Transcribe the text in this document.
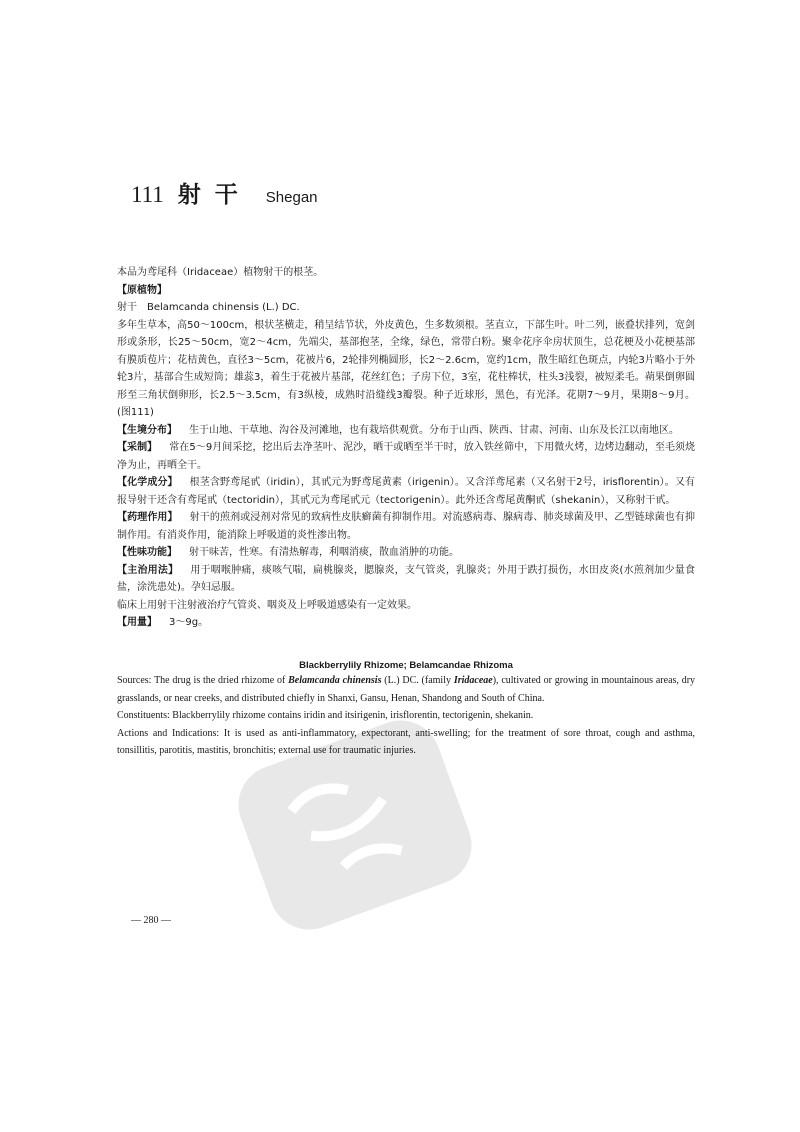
111 射干 Shegan

本品为鸢尾科（Iridaceae）植物射干的根茎。

【原植物】

射干　Belamcanda chinensis (L.) DC.

多年生草本，高50～100cm，根状茎横走，稍呈结节状，外皮黄色，生多数须根。茎直立，下部生叶。叶二列，嵌叠状排列，宽剑形或条形，长25～50cm，宽2～4cm，先端尖，基部抱茎，全缘，绿色，常带白粉。聚伞花序伞房状顶生，总花梗及小花梗基部有膜质苞片；花桔黄色，直径3～5cm，花被片6，2轮排列椭圆形，长2～2.6cm，宽约1cm，散生暗红色斑点，内轮3片略小于外轮3片，基部合生成短筒；雄蕊3，着生于花被片基部，花丝红色；子房下位，3室，花柱棒状，柱头3浅裂，被短柔毛。蒴果倒卵圆形至三角状倒卵形，长2.5～3.5cm，有3纵棱，成熟时沿缝线3瓣裂。种子近球形，黑色，有光泽。花期7～9月，果期8～9月。(图111)

【生境分布】 生于山地、干草地、沟谷及河滩地，也有栽培供观赏。分布于山西、陕西、甘肃、河南、山东及长江以南地区。

【采制】 常在5～9月间采挖，挖出后去净茎叶、泥沙，晒干或晒至半干时，放入铁丝筛中，下用微火烤，边烤边翻动，至毛须烧净为止，再晒全干。

【化学成分】 根茎含野鸢尾甙（iridin），其甙元为野鸢尾黄素（irigenin）。又含洋鸢尾素（又名射干2号，irisflorentin）。又有报导射干还含有鸢尾甙（tectoridin），其甙元为鸢尾甙元（tectorigenin）。此外还含鸢尾黄酮甙（shekanin），又称射干甙。

【药理作用】 射干的煎剂或浸剂对常见的致病性皮肤癣菌有抑制作用。对流感病毒、腺病毒、肺炎球菌及甲、乙型链球菌也有抑制作用。有消炎作用，能消除上呼吸道的炎性渗出物。

【性味功能】 射干味苦，性寒。有清热解毒，利咽消痰，散血消肿的功能。

【主治用法】 用于咽喉肿痛，痰咳气喘，扁桃腺炎，腮腺炎，支气管炎，乳腺炎；外用于跌打损伤，水田皮炎(水煎剂加少量食盐，涂洗患处)。孕妇忌服。

临床上用射干注射液治疗气管炎、咽炎及上呼吸道感染有一定效果。

【用量】 3～9g。

Blackberrylily Rhizome; Belamcandae Rhizoma

Sources: The drug is the dried rhizome of Belamcanda chinensis (L.) DC. (family Iridaceae), cultivated or growing in mountainous areas, dry grasslands, or near creeks, and distributed chiefly in Shanxi, Gansu, Henan, Shandong and South of China.

Constituents: Blackberrylily rhizome contains iridin and itsirigenin, irisflorentin, tectorigenin, shekanin.

Actions and Indications: It is used as anti-inflammatory, expectorant, anti-swelling; for the treatment of sore throat, cough and asthma, tonsillitis, parotitis, mastitis, bronchitis; external use for traumatic injuries.

— 280 —
